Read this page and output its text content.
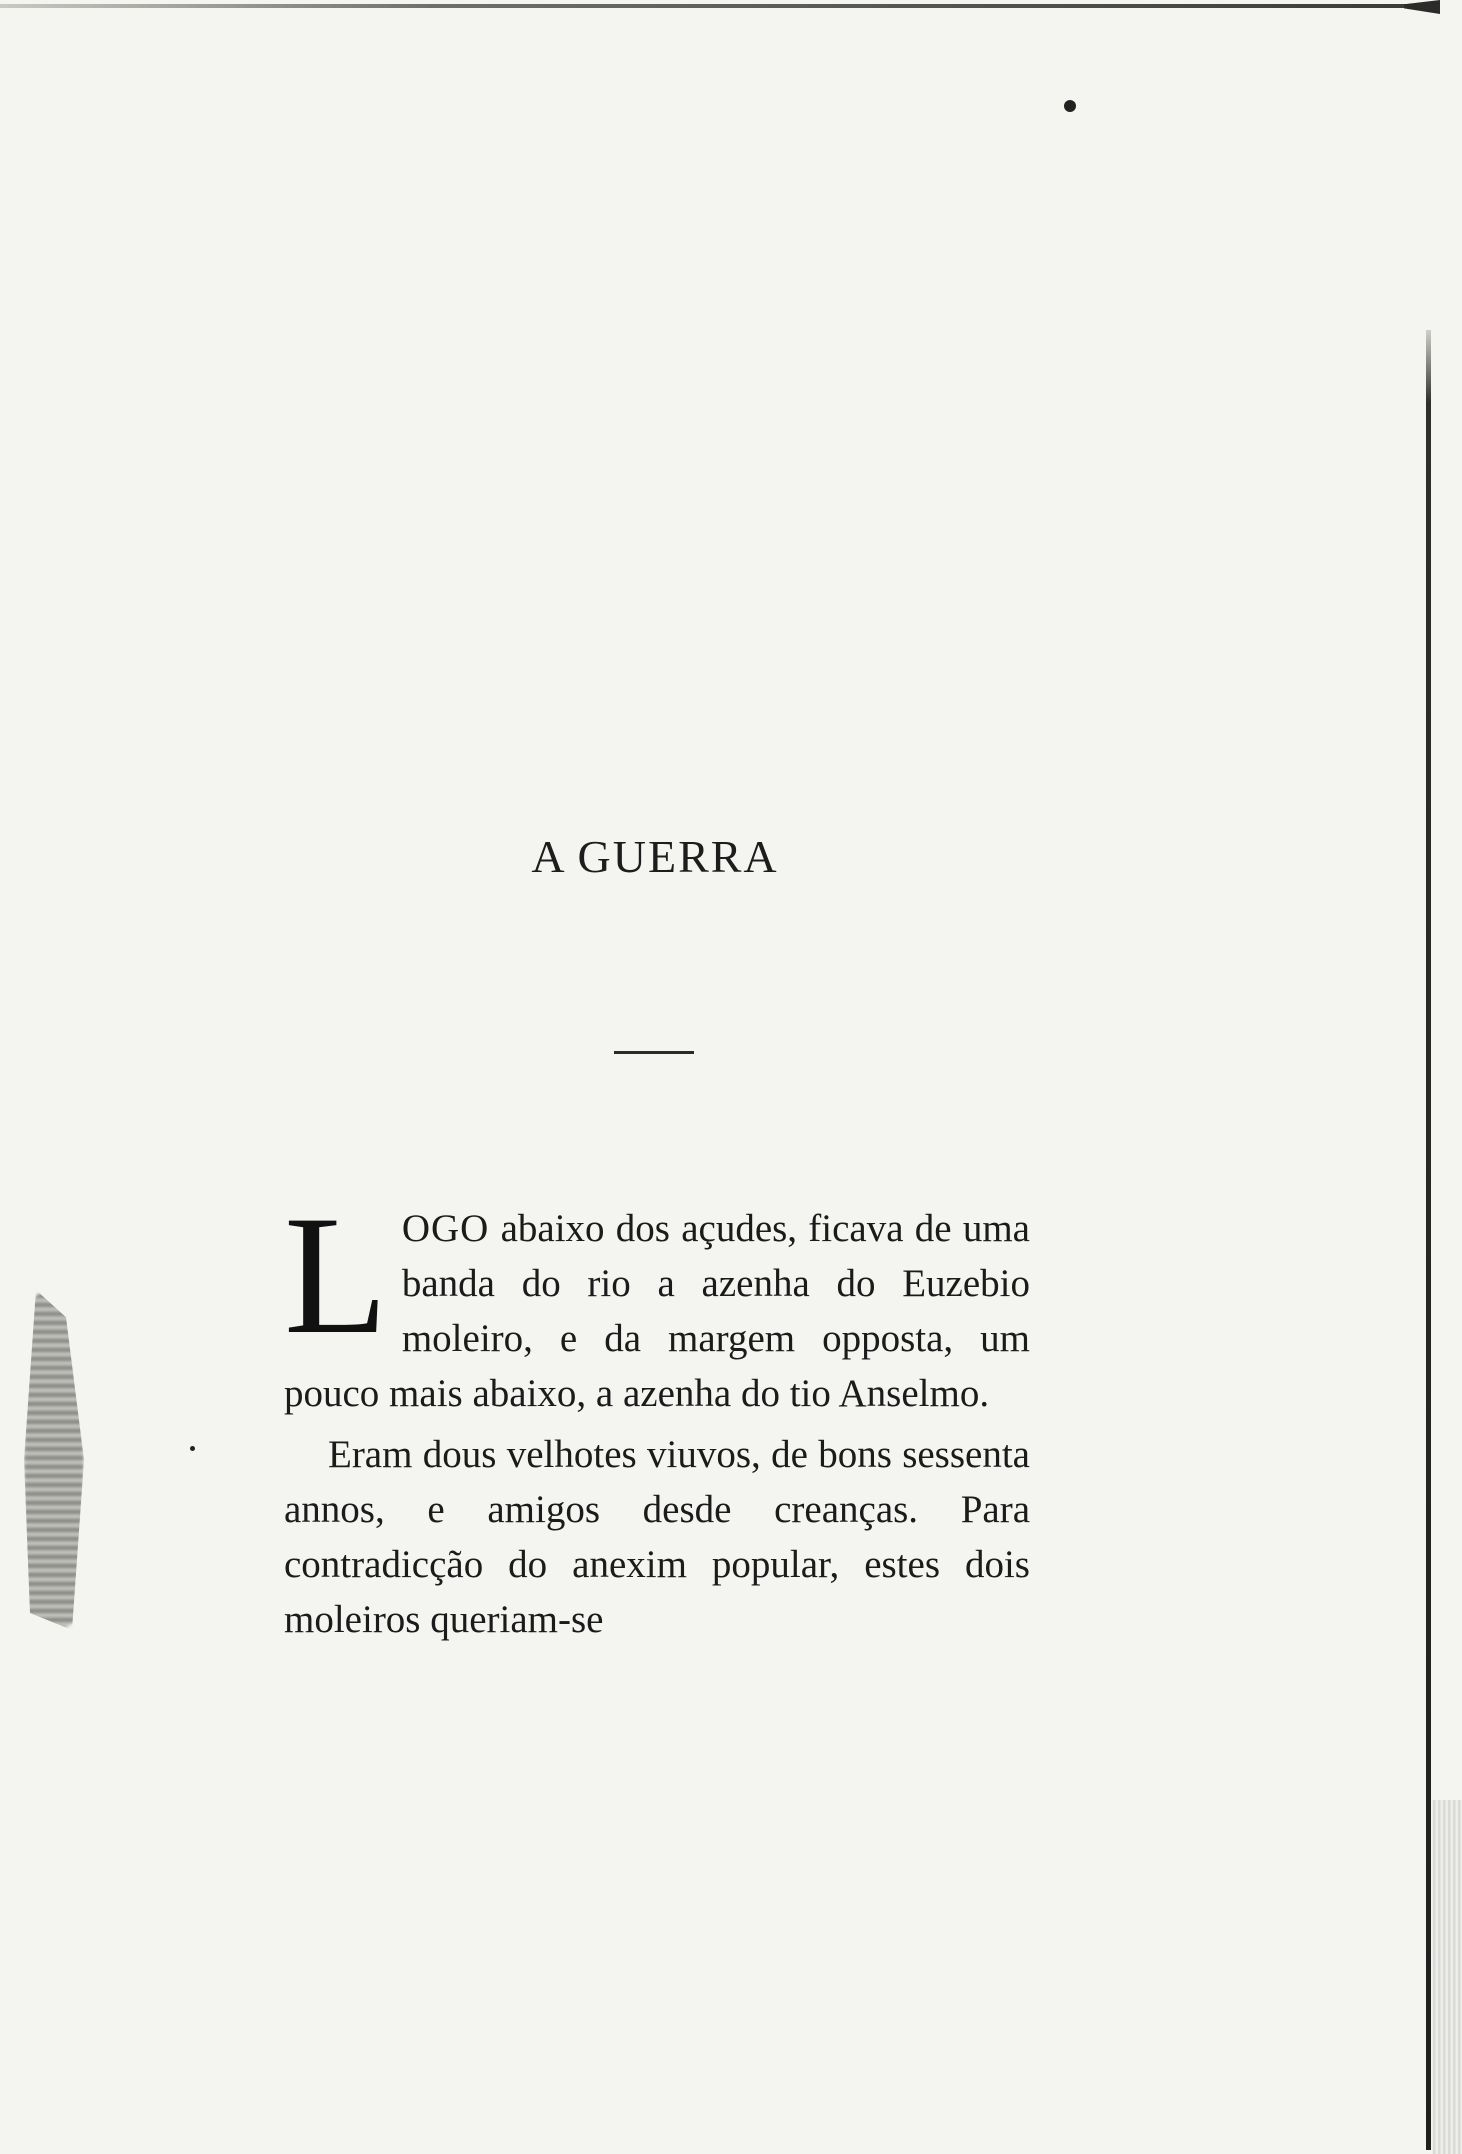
A GUERRA

LOGO abaixo dos açudes, ficava de uma banda do rio a azenha do Euzebio moleiro, e da margem opposta, um pouco mais abaixo, a azenha do tio Anselmo.

Eram dous velhotes viuvos, de bons sessenta annos, e amigos desde creanças. Para contradicção do anexim popular, estes dois moleiros queriam-se
